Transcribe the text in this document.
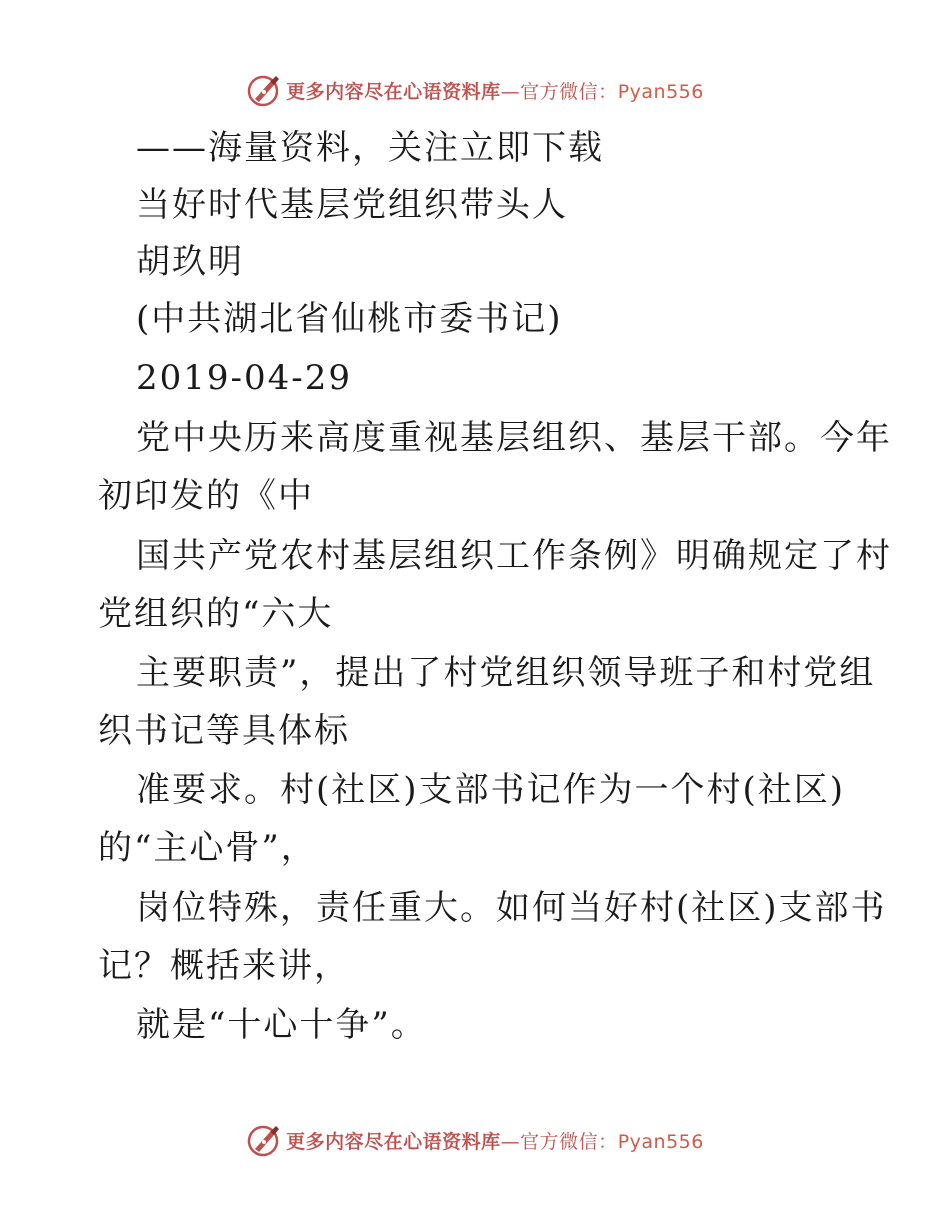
更多内容尽在心语资料库—官方微信：Pyan556
——海量资料，关注立即下载
当好时代基层党组织带头人
胡玖明
(中共湖北省仙桃市委书记)
2019-04-29
党中央历来高度重视基层组织、基层干部。今年
初印发的《中
国共产党农村基层组织工作条例》明确规定了村
党组织的“六大
主要职责”，提出了村党组织领导班子和村党组
织书记等具体标
准要求。村(社区)支部书记作为一个村(社区)
的“主心骨”，
岗位特殊，责任重大。如何当好村(社区)支部书
记？概括来讲，
就是“十心十争”。
更多内容尽在心语资料库—官方微信：Pyan556
